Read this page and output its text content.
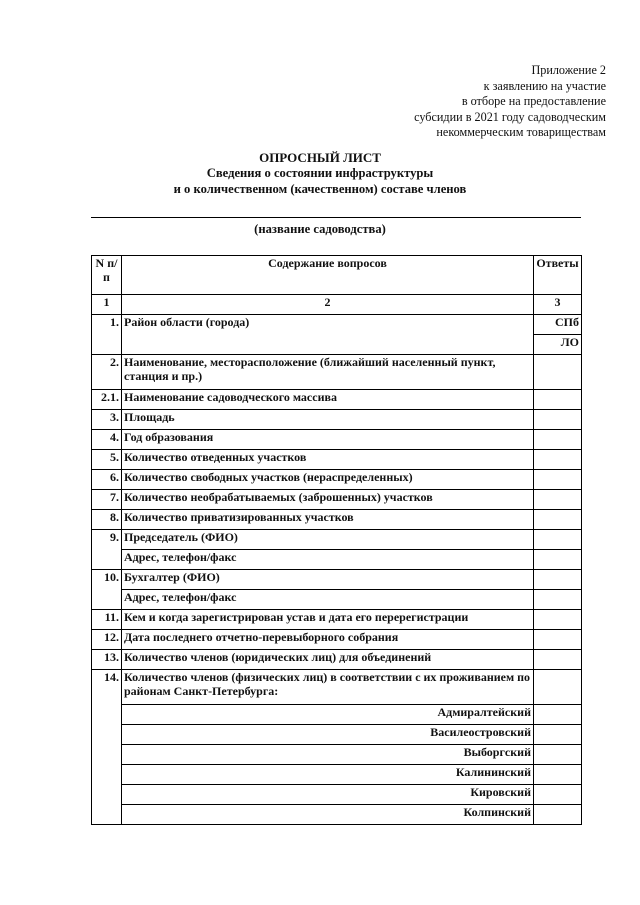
Приложение 2
к заявлению на участие
в отборе на предоставление
субсидии в 2021 году садоводческим
некоммерческим товариществам
ОПРОСНЫЙ ЛИСТ
Сведения о состоянии инфраструктуры
и о количественном (качественном) составе членов
(название садоводства)
N п/п	Содержание вопросов	Ответы
1	2	3
1.	Район области (города)	СПб
		ЛО
2.	Наименование, месторасположение (ближайший населенный пункт, станция и пр.)	
2.1.	Наименование садоводческого массива	
3.	Площадь	
4.	Год образования	
5.	Количество отведенных участков	
6.	Количество свободных участков (нераспределенных)	
7.	Количество необрабатываемых (заброшенных) участков	
8.	Количество приватизированных участков	
9.	Председатель (ФИО)	
	Адрес, телефон/факс	
10.	Бухгалтер (ФИО)	
	Адрес, телефон/факс	
11.	Кем и когда зарегистрирован устав и дата его перерегистрации	
12.	Дата последнего отчетно-перевыборного собрания	
13.	Количество членов (юридических лиц) для объединений	
14.	Количество членов (физических лиц) в соответствии с их проживанием по районам Санкт-Петербурга:	
	Адмиралтейский	
	Василеостровский	
	Выборгский	
	Калининский	
	Кировский	
	Колпинский	
